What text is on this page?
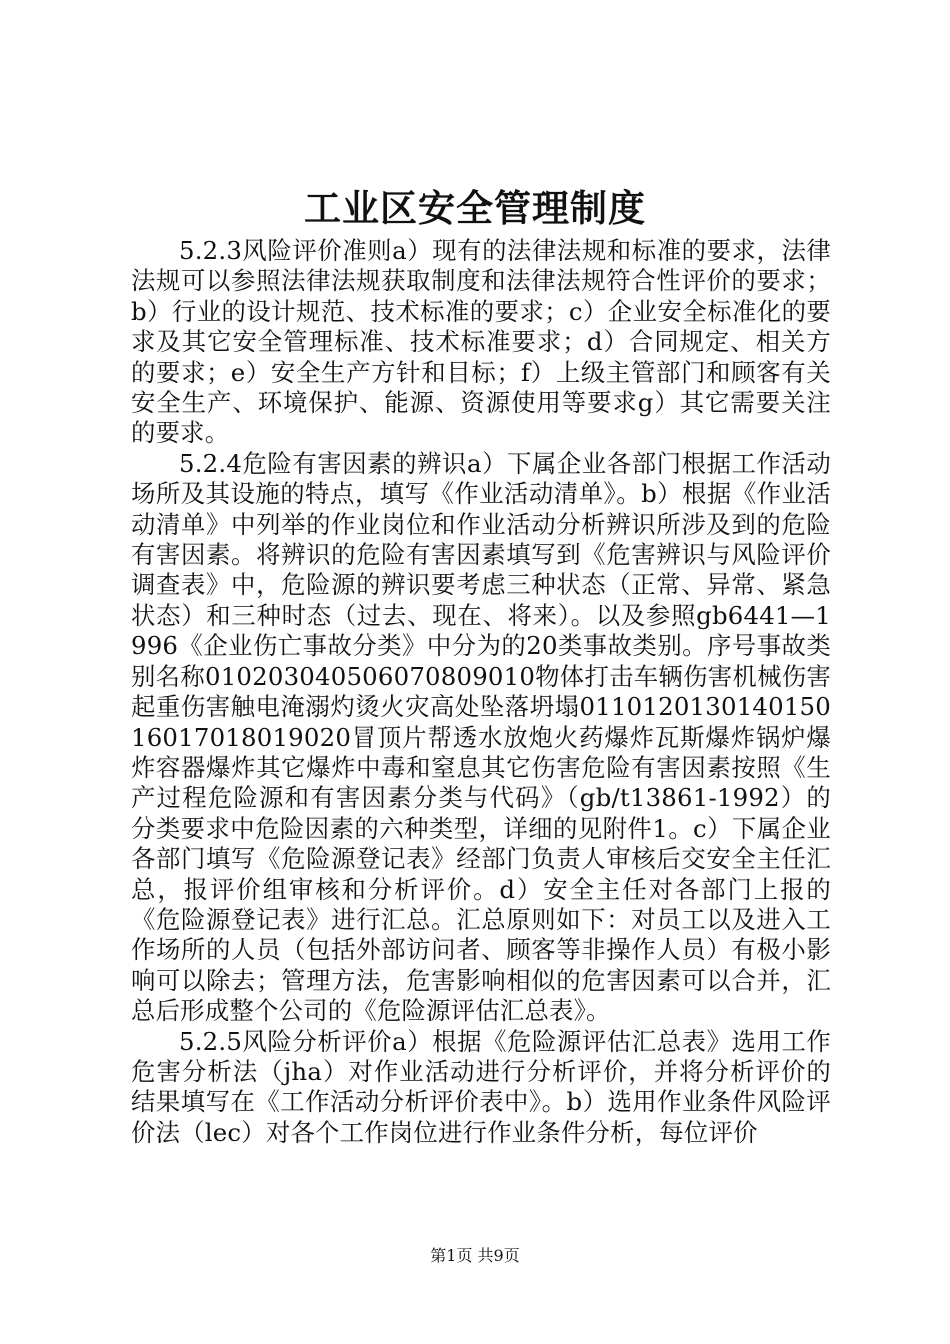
工业区安全管理制度

5.2.3风险评价准则a）现有的法律法规和标准的要求，法律法规可以参照法律法规获取制度和法律法规符合性评价的要求；b）行业的设计规范、技术标准的要求；c）企业安全标准化的要求及其它安全管理标准、技术标准要求；d）合同规定、相关方的要求；e）安全生产方针和目标；f）上级主管部门和顾客有关安全生产、环境保护、能源、资源使用等要求g）其它需要关注的要求。

5.2.4危险有害因素的辨识a）下属企业各部门根据工作活动场所及其设施的特点，填写《作业活动清单》。b）根据《作业活动清单》中列举的作业岗位和作业活动分析辨识所涉及到的危险有害因素。将辨识的危险有害因素填写到《危害辨识与风险评价调查表》中，危险源的辨识要考虑三种状态（正常、异常、紧急状态）和三种时态（过去、现在、将来）。以及参照gb6441—1996《企业伤亡事故分类》中分为的20类事故类别。序号事故类别名称010203040506070809010物体打击车辆伤害机械伤害起重伤害触电淹溺灼烫火灾高处坠落坍塌011012013014015016017018019020冒顶片帮透水放炮火药爆炸瓦斯爆炸锅炉爆炸容器爆炸其它爆炸中毒和窒息其它伤害危险有害因素按照《生产过程危险源和有害因素分类与代码》（gb/t13861-1992）的分类要求中危险因素的六种类型，详细的见附件1。c）下属企业各部门填写《危险源登记表》经部门负责人审核后交安全主任汇总，报评价组审核和分析评价。d）安全主任对各部门上报的《危险源登记表》进行汇总。汇总原则如下：对员工以及进入工作场所的人员（包括外部访问者、顾客等非操作人员）有极小影响可以除去；管理方法，危害影响相似的危害因素可以合并，汇总后形成整个公司的《危险源评估汇总表》。

5.2.5风险分析评价a）根据《危险源评估汇总表》选用工作危害分析法（jha）对作业活动进行分析评价，并将分析评价的结果填写在《工作活动分析评价表中》。b）选用作业条件风险评价法（lec）对各个工作岗位进行作业条件分析，每位评价

第1页 共9页
